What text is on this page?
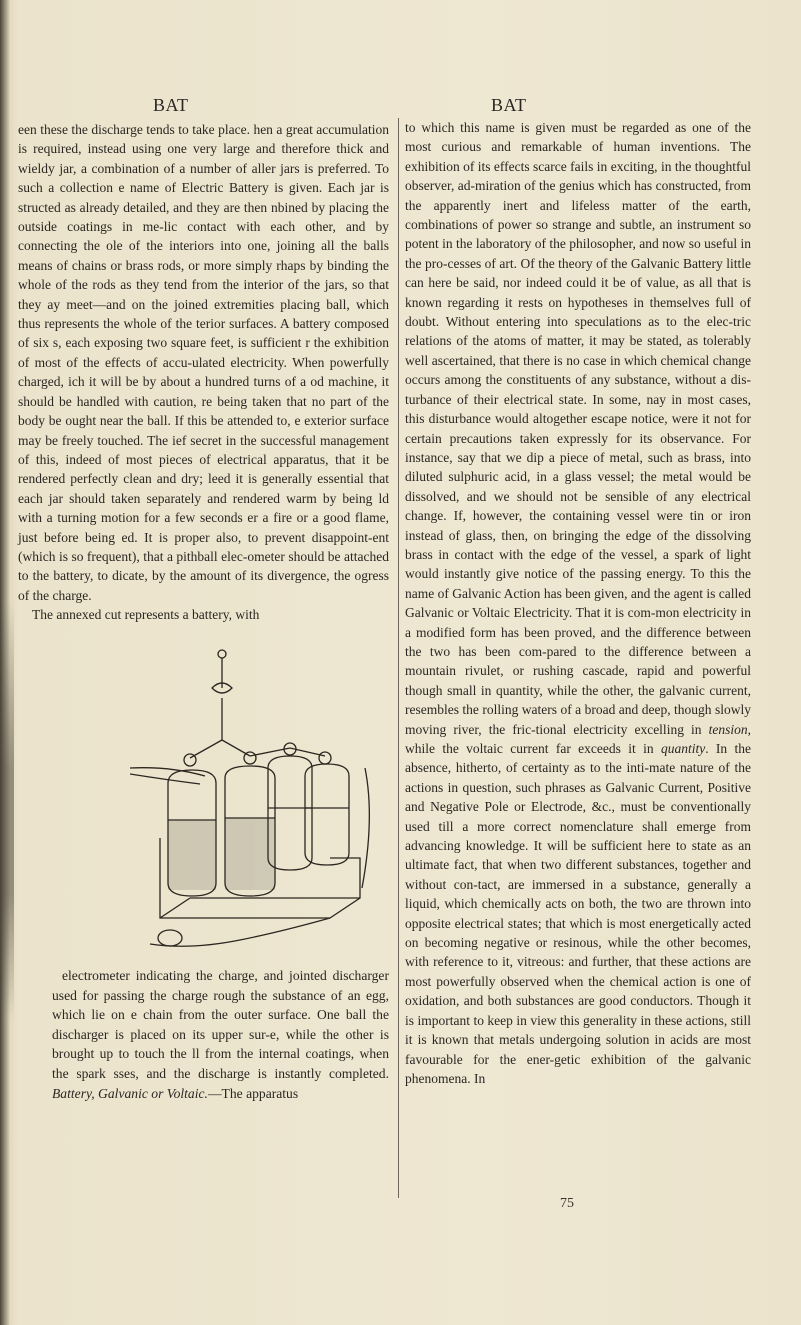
BAT	BAT

een these the discharge tends to take place. hen a great accumulation is required, instead using one very large and therefore thick and wieldy jar, a combination of a number of aller jars is preferred. To such a collection e name of Electric Battery is given. Each jar is structed as already detailed, and they are then nbined by placing the outside coatings in me-lic contact with each other, and by connecting the ole of the interiors into one, joining all the balls means of chains or brass rods, or more simply rhaps by binding the whole of the rods as they tend from the interior of the jars, so that they ay meet—and on the joined extremities placing ball, which thus represents the whole of the terior surfaces. A battery composed of six s, each exposing two square feet, is sufficient r the exhibition of most of the effects of accu-ulated electricity. When powerfully charged, ich it will be by about a hundred turns of a od machine, it should be handled with caution, re being taken that no part of the body be ought near the ball. If this be attended to, e exterior surface may be freely touched. The ief secret in the successful management of this, indeed of most pieces of electrical apparatus, that it be rendered perfectly clean and dry; leed it is generally essential that each jar should taken separately and rendered warm by being ld with a turning motion for a few seconds er a fire or a good flame, just before being ed. It is proper also, to prevent disappoint-ent (which is so frequent), that a pithball elec-ometer should be attached to the battery, to dicate, by the amount of its divergence, the ogress of the charge.

The annexed cut represents a battery, with

electrometer indicating the charge, and jointed discharger used for passing the charge rough the substance of an egg, which lie on e chain from the outer surface. One ball the discharger is placed on its upper sur-e, while the other is brought up to touch the ll from the internal coatings, when the spark sses, and the discharge is instantly completed. Battery, Galvanic or Voltaic.—The apparatus

to which this name is given must be regarded as one of the most curious and remarkable of human inventions. The exhibition of its effects scarce fails in exciting, in the thoughtful observer, ad-miration of the genius which has constructed, from the apparently inert and lifeless matter of the earth, combinations of power so strange and subtle, an instrument so potent in the laboratory of the philosopher, and now so useful in the pro-cesses of art. Of the theory of the Galvanic Battery little can here be said, nor indeed could it be of value, as all that is known regarding it rests on hypotheses in themselves full of doubt. Without entering into speculations as to the elec-tric relations of the atoms of matter, it may be stated, as tolerably well ascertained, that there is no case in which chemical change occurs among the constituents of any substance, without a dis-turbance of their electrical state. In some, nay in most cases, this disturbance would altogether escape notice, were it not for certain precautions taken expressly for its observance. For instance, say that we dip a piece of metal, such as brass, into diluted sulphuric acid, in a glass vessel; the metal would be dissolved, and we should not be sensible of any electrical change. If, however, the containing vessel were tin or iron instead of glass, then, on bringing the edge of the dissolving brass in contact with the edge of the vessel, a spark of light would instantly give notice of the passing energy. To this the name of Galvanic Action has been given, and the agent is called Galvanic or Voltaic Electricity. That it is com-mon electricity in a modified form has been proved, and the difference between the two has been com-pared to the difference between a mountain rivulet, or rushing cascade, rapid and powerful though small in quantity, while the other, the galvanic current, resembles the rolling waters of a broad and deep, though slowly moving river, the fric-tional electricity excelling in tension, while the voltaic current far exceeds it in quantity. In the absence, hitherto, of certainty as to the inti-mate nature of the actions in question, such phrases as Galvanic Current, Positive and Negative Pole or Electrode, &c., must be conventionally used till a more correct nomenclature shall emerge from advancing knowledge. It will be sufficient here to state as an ultimate fact, that when two different substances, together and without con-tact, are immersed in a substance, generally a liquid, which chemically acts on both, the two are thrown into opposite electrical states; that which is most energetically acted on becoming negative or resinous, while the other becomes, with reference to it, vitreous: and further, that these actions are most powerfully observed when the chemical action is one of oxidation, and both substances are good conductors. Though it is important to keep in view this generality in these actions, still it is known that metals undergoing solution in acids are most favourable for the ener-getic exhibition of the galvanic phenomena. In

75
